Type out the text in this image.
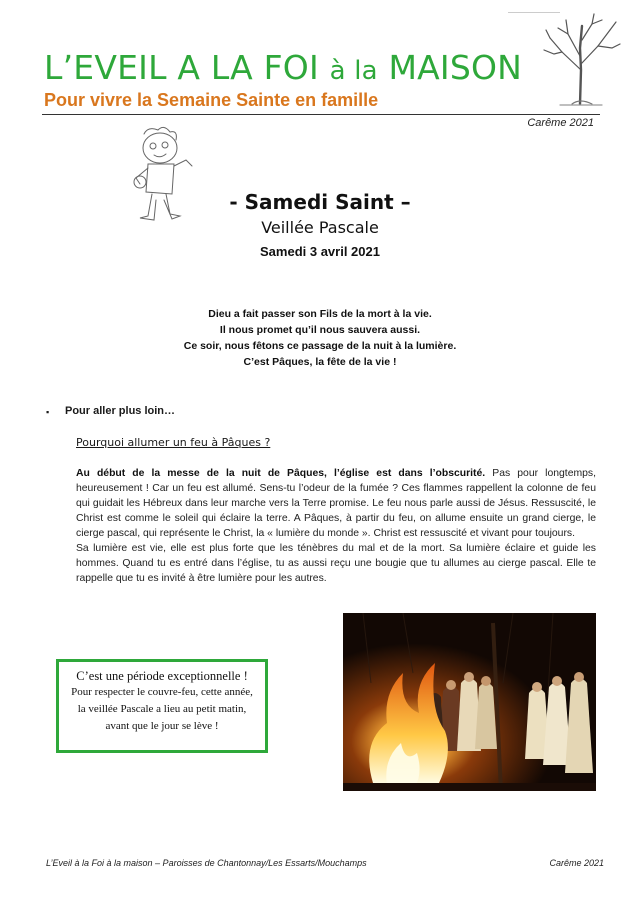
L’EVEIL A LA FOI à la MAISON
Pour vivre la Semaine Sainte en famille
Carême 2021
- Samedi Saint –
Veillée Pascale
Samedi 3 avril 2021
Dieu a fait passer son Fils de la mort à la vie.
Il nous promet qu’il nous sauvera aussi.
Ce soir, nous fêtons ce passage de la nuit à la lumière.
C’est Pâques, la fête de la vie !
▪ Pour aller plus loin…
Pourquoi allumer un feu à Pâques ?

Au début de la messe de la nuit de Pâques, l’église est dans l’obscurité. Pas pour longtemps, heureusement ! Car un feu est allumé. Sens-tu l’odeur de la fumée ? Ces flammes rappellent la colonne de feu qui guidait les Hébreux dans leur marche vers la Terre promise. Le feu nous parle aussi de Jésus. Ressuscité, le Christ est comme le soleil qui éclaire la terre. A Pâques, à partir du feu, on allume ensuite un grand cierge, le cierge pascal, qui représente le Christ, la « lumière du monde ». Christ est ressuscité et vivant pour toujours.

Sa lumière est vie, elle est plus forte que les ténèbres du mal et de la mort. Sa lumière éclaire et guide les hommes. Quand tu es entré dans l’église, tu as aussi reçu une bougie que tu allumes au cierge pascal. Elle te rappelle que tu es invité à être lumière pour les autres.

C’est une période exceptionnelle !
Pour respecter le couvre-feu, cette année,
la veillée Pascale a lieu au petit matin,
avant que le jour se lève !
L’Eveil à la Foi à la maison – Paroisses de Chantonnay/Les Essarts/Mouchamps	Carême 2021
